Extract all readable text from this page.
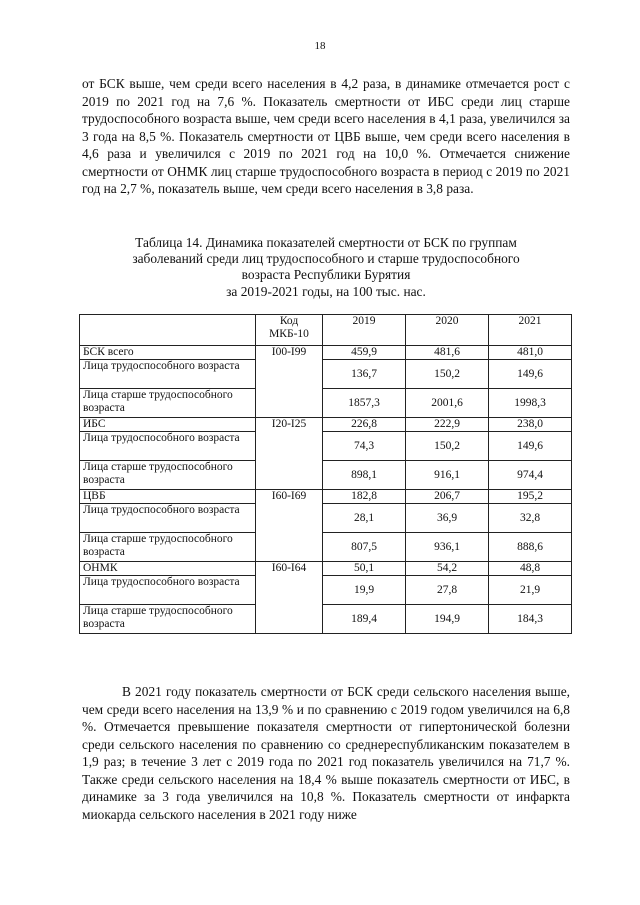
18

от БСК выше, чем среди всего населения в 4,2 раза, в динамике отмечается рост с 2019 по 2021 год на 7,6 %. Показатель смертности от ИБС среди лиц старше трудоспособного возраста выше, чем среди всего населения в 4,1 раза, увеличился за 3 года на 8,5 %. Показатель смертности от ЦВБ выше, чем среди всего населения в 4,6 раза и увеличился с 2019 по 2021 год на 10,0 %. Отмечается снижение смертности от ОНМК лиц старше трудоспособного возраста в период с 2019 по 2021 год на 2,7 %, показатель выше, чем среди всего населения в 3,8 раза.

Таблица 14. Динамика показателей смертности от БСК по группам
заболеваний среди лиц трудоспособного и старше трудоспособного
возраста Республики Бурятия
за 2019-2021 годы, на 100 тыс. нас.
	Код МКБ-10	2019	2020	2021
БСК всего	I00-I99	459,9	481,6	481,0
Лица трудоспособного возраста		136,7	150,2	149,6
Лица старше трудоспособного возраста		1857,3	2001,6	1998,3
ИБС	I20-I25	226,8	222,9	238,0
Лица трудоспособного возраста		74,3	150,2	149,6
Лица старше трудоспособного возраста		898,1	916,1	974,4
ЦВБ	I60-I69	182,8	206,7	195,2
Лица трудоспособного возраста		28,1	36,9	32,8
Лица старше трудоспособного возраста		807,5	936,1	888,6
ОНМК	I60-I64	50,1	54,2	48,8
Лица трудоспособного возраста		19,9	27,8	21,9
Лица старше трудоспособного возраста		189,4	194,9	184,3

В 2021 году показатель смертности от БСК среди сельского населения выше, чем среди всего населения на 13,9 % и по сравнению с 2019 годом увеличился на 6,8 %. Отмечается превышение показателя смертности от гипертонической болезни среди сельского населения по сравнению со среднереспубликанским показателем в 1,9 раз; в течение 3 лет с 2019 года по 2021 год показатель увеличился на 71,7 %. Также среди сельского населения на 18,4 % выше показатель смертности от ИБС, в динамике за 3 года увеличился на 10,8 %. Показатель смертности от инфаркта миокарда сельского населения в 2021 году ниже
